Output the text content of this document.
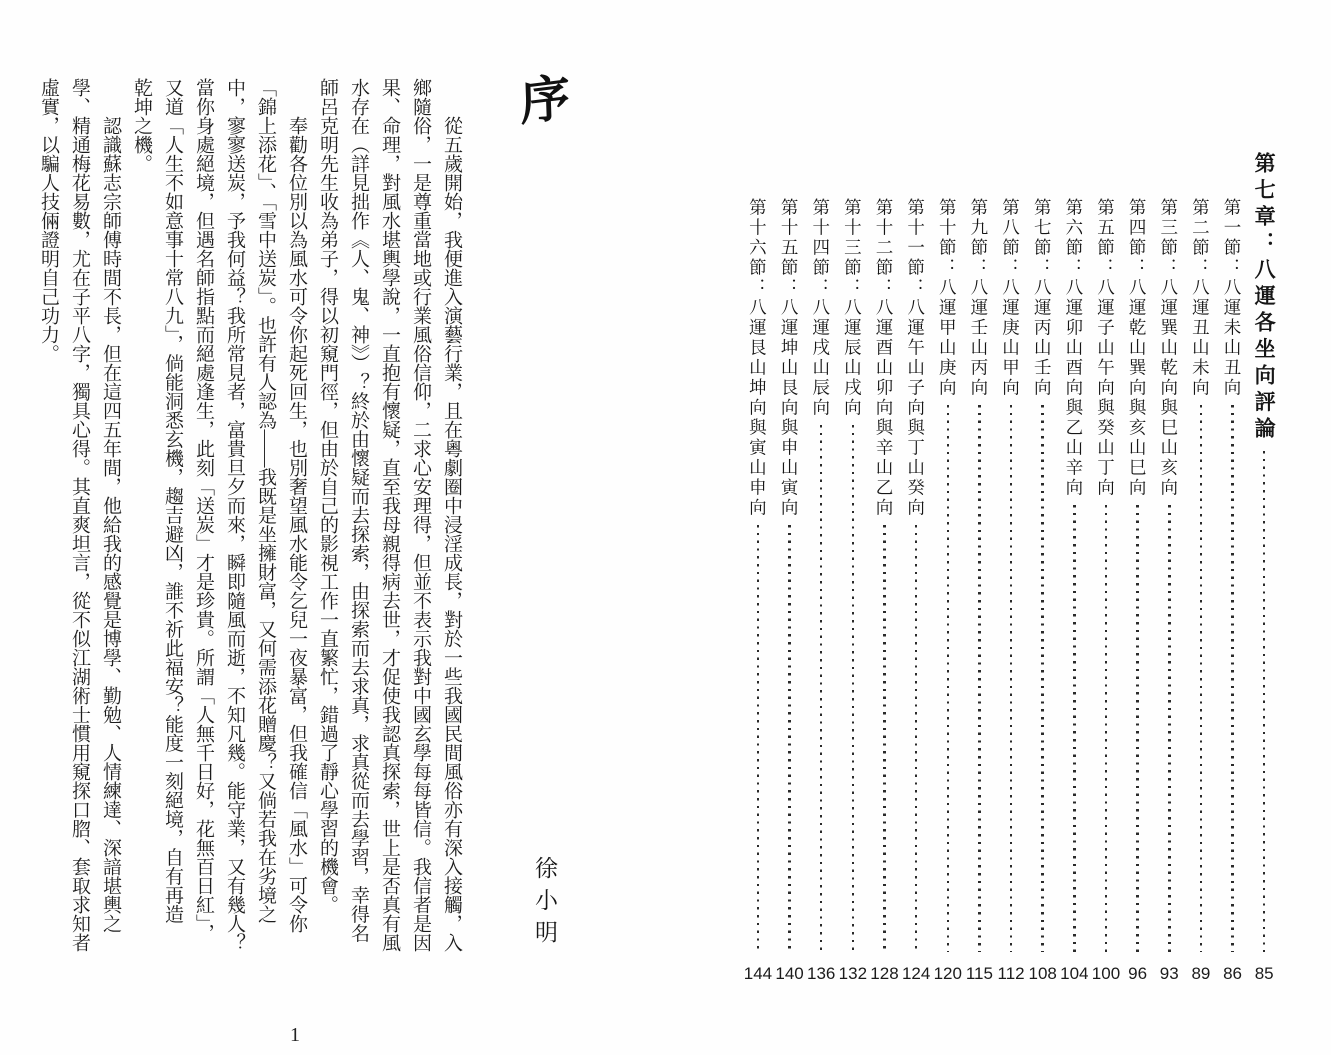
序
從五歲開始，我便進入演藝行業，且在粵劇圈中浸淫成長，對於一些我國民間風俗亦有深入接觸，入
鄉隨俗，一是尊重當地或行業風俗信仰，二求心安理得，但並不表示我對中國玄學每每皆信。我信者是因
果、命理，對風水堪輿學說，一直抱有懷疑，直至我母親得病去世，才促使我認真探索，世上是否真有風
水存在（詳見拙作《人、鬼、神》）？終於由懷疑而去探索，由探索而去求真，求真從而去學習，幸得名
師呂克明先生收為弟子，得以初窺門徑，但由於自己的影視工作一直繁忙，錯過了靜心學習的機會。
奉勸各位別以為風水可令你起死回生，也別奢望風水能令乞兒一夜暴富，但我確信「風水」可令你
「錦上添花」、「雪中送炭」。也許有人認為——我既是坐擁財富，又何需添花贈慶？又倘若我在劣境之
中，寥寥送炭，予我何益？我所常見者，富貴旦夕而來，瞬即隨風而逝，不知凡幾。能守業，又有幾人？
當你身處絕境，但遇名師指點而絕處逢生，此刻「送炭」才是珍貴。所謂「人無千日好，花無百日紅」，
又道「人生不如意事十常八九」，倘能洞悉玄機，趨吉避凶，誰不祈此福安？能度一刻絕境，自有再造
乾坤之機。
認識蘇志宗師傅時間不長，但在這四五年間，他給我的感覺是博學、勤勉、人情練達、深諳堪輿之
學、精通梅花易數，尤在子平八字，獨具心得。其直爽坦言，從不似江湖術士慣用窺探口脗、套取求知者
虛實，以騙人技倆證明自己功力。
徐小明
1
第七章：八運各坐向評論
85
第一節：八運未山丑向
86
第二節：八運丑山未向
89
第三節：八運巽山乾向與巳山亥向
93
第四節：八運乾山巽向與亥山巳向
96
第五節：八運子山午向與癸山丁向
100
第六節：八運卯山酉向與乙山辛向
104
第七節：八運丙山壬向
108
第八節：八運庚山甲向
112
第九節：八運壬山丙向
115
第十節：八運甲山庚向
120
第十一節：八運午山子向與丁山癸向
124
第十二節：八運酉山卯向與辛山乙向
128
第十三節：八運辰山戌向
132
第十四節：八運戌山辰向
136
第十五節：八運坤山艮向與申山寅向
140
第十六節：八運艮山坤向與寅山申向
144
